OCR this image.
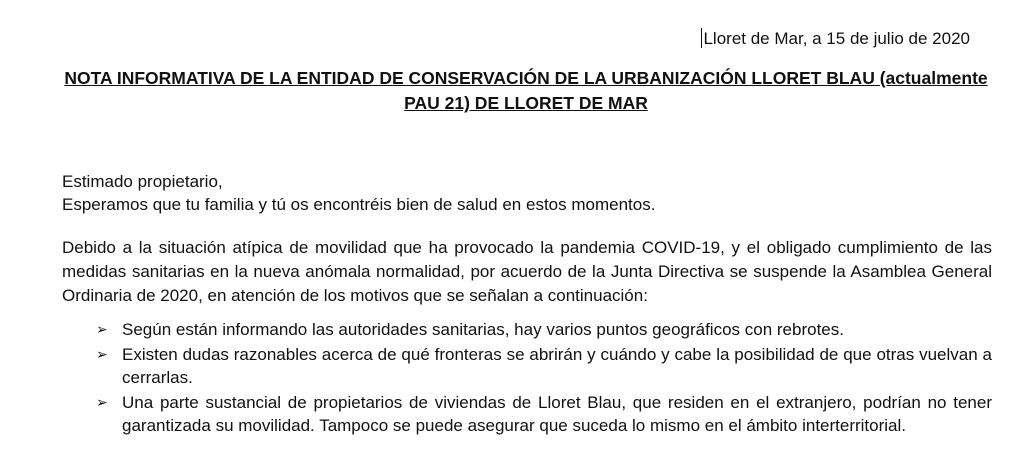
Lloret de Mar, a 15 de julio de 2020
NOTA INFORMATIVA DE LA ENTIDAD DE CONSERVACIÓN DE LA URBANIZACIÓN LLORET BLAU (actualmente PAU 21) DE LLORET DE MAR
Estimado propietario,
Esperamos que tu familia y tú os encontréis bien de salud en estos momentos.
Debido a la situación atípica de movilidad que ha provocado la pandemia COVID-19, y el obligado cumplimiento de las medidas sanitarias en la nueva anómala normalidad, por acuerdo de la Junta Directiva se suspende la Asamblea General Ordinaria de 2020, en atención de los motivos que se señalan a continuación:
➢ Según están informando las autoridades sanitarias, hay varios puntos geográficos con rebrotes.
➢ Existen dudas razonables acerca de qué fronteras se abrirán y cuándo y cabe la posibilidad de que otras vuelvan a cerrarlas.
➢ Una parte sustancial de propietarios de viviendas de Lloret Blau, que residen en el extranjero, podrían no tener garantizada su movilidad. Tampoco se puede asegurar que suceda lo mismo en el ámbito interterritorial.
